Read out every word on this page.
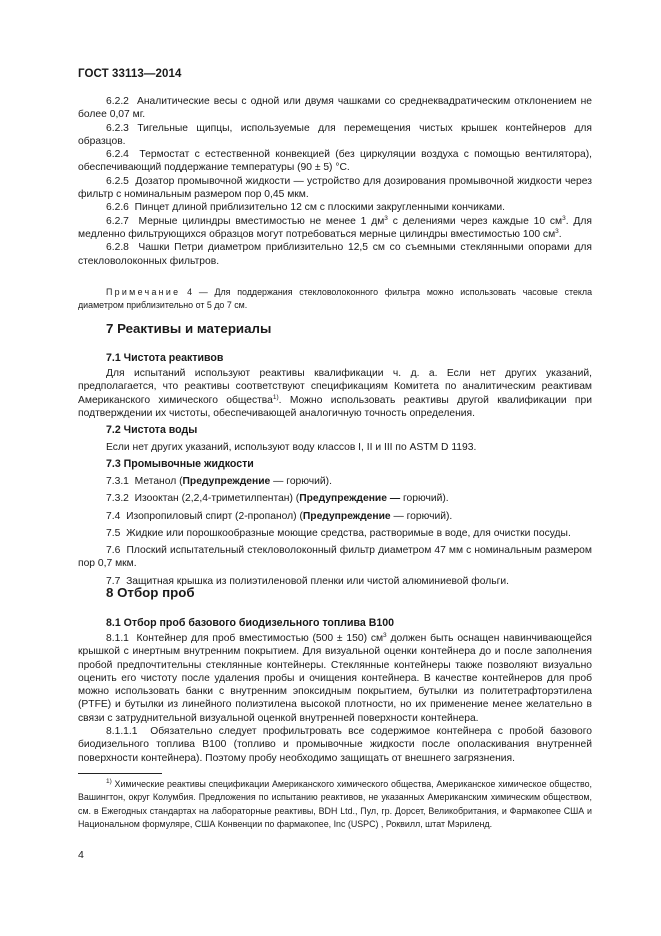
ГОСТ 33113—2014

6.2.2 Аналитические весы с одной или двумя чашками со среднеквадратическим отклонением не более 0,07 мг.

6.2.3 Тигельные щипцы, используемые для перемещения чистых крышек контейнеров для образцов.

6.2.4 Термостат с естественной конвекцией (без циркуляции воздуха с помощью вентилятора), обеспечивающий поддержание температуры (90 ± 5) °С.

6.2.5 Дозатор промывочной жидкости — устройство для дозирования промывочной жидкости через фильтр с номинальным размером пор 0,45 мкм.

6.2.6 Пинцет длиной приблизительно 12 см с плоскими закругленными кончиками.

6.2.7 Мерные цилиндры вместимостью не менее 1 $дм^3$ с делениями через каждые 10 $см^3$. Для медленно фильтрующихся образцов могут потребоваться мерные цилиндры вместимостью 100 $см^3$.

6.2.8 Чашки Петри диаметром приблизительно 12,5 см со съемными стеклянными опорами для стекловолоконных фильтров.

Примечание 4 — Для поддержания стекловолоконного фильтра можно использовать часовые стекла диаметром приблизительно от 5 до 7 см.

7 Реактивы и материалы
7.1 Чистота реактивов

Для испытаний используют реактивы квалификации ч. д. а. Если нет других указаний, предполагается, что реактивы соответствуют спецификациям Комитета по аналитическим реактивам Американского химического общества$^{1)}$. Можно использовать реактивы другой квалификации при подтверждении их чистоты, обеспечивающей аналогичную точность определения.

7.2 Чистота воды

Если нет других указаний, используют воду классов I, II и III по ASTM D 1193.

7.3 Промывочные жидкости

7.3.1 Метанол (Предупреждение — горючий).

7.3.2 Изооктан (2,2,4-триметилпентан) (Предупреждение — горючий).

7.4 Изопропиловый спирт (2-пропанол) (Предупреждение — горючий).

7.5 Жидкие или порошкообразные моющие средства, растворимые в воде, для очистки посуды.

7.6 Плоский испытательный стекловолоконный фильтр диаметром 47 мм с номинальным размером пор 0,7 мкм.

7.7 Защитная крышка из полиэтиленовой пленки или чистой алюминиевой фольги.

8 Отбор проб
8.1 Отбор проб базового биодизельного топлива В100

8.1.1 Контейнер для проб вместимостью (500 ± 150) $см^3$ должен быть оснащен навинчивающейся крышкой с инертным внутренним покрытием. Для визуальной оценки контейнера до и после заполнения пробой предпочтительны стеклянные контейнеры. Стеклянные контейнеры также позволяют визуально оценить его чистоту после удаления пробы и очищения контейнера. В качестве контейнеров для проб можно использовать банки с внутренним эпоксидным покрытием, бутылки из политетрафторэтилена (PTFE) и бутылки из линейного полиэтилена высокой плотности, но их применение менее желательно в связи с затруднительной визуальной оценкой внутренней поверхности контейнера.

8.1.1.1 Обязательно следует профильтровать все содержимое контейнера с пробой базового биодизельного топлива В100 (топливо и промывочные жидкости после ополаскивания внутренней поверхности контейнера). Поэтому пробу необходимо защищать от внешнего загрязнения.

$^{1)}$ Химические реактивы спецификации Американского химического общества, Американское химическое общество, Вашингтон, округ Колумбия. Предложения по испытанию реактивов, не указанных Американским химическим обществом, см. в Ежегодных стандартах на лабораторные реактивы, BDH Ltd., Пул, гр. Дорсет, Великобритания, и Фармакопее США и Национальном формуляре, США Конвенции по фармакопее, Inc (USPC) , Роквилл, штат Мэриленд.

4
